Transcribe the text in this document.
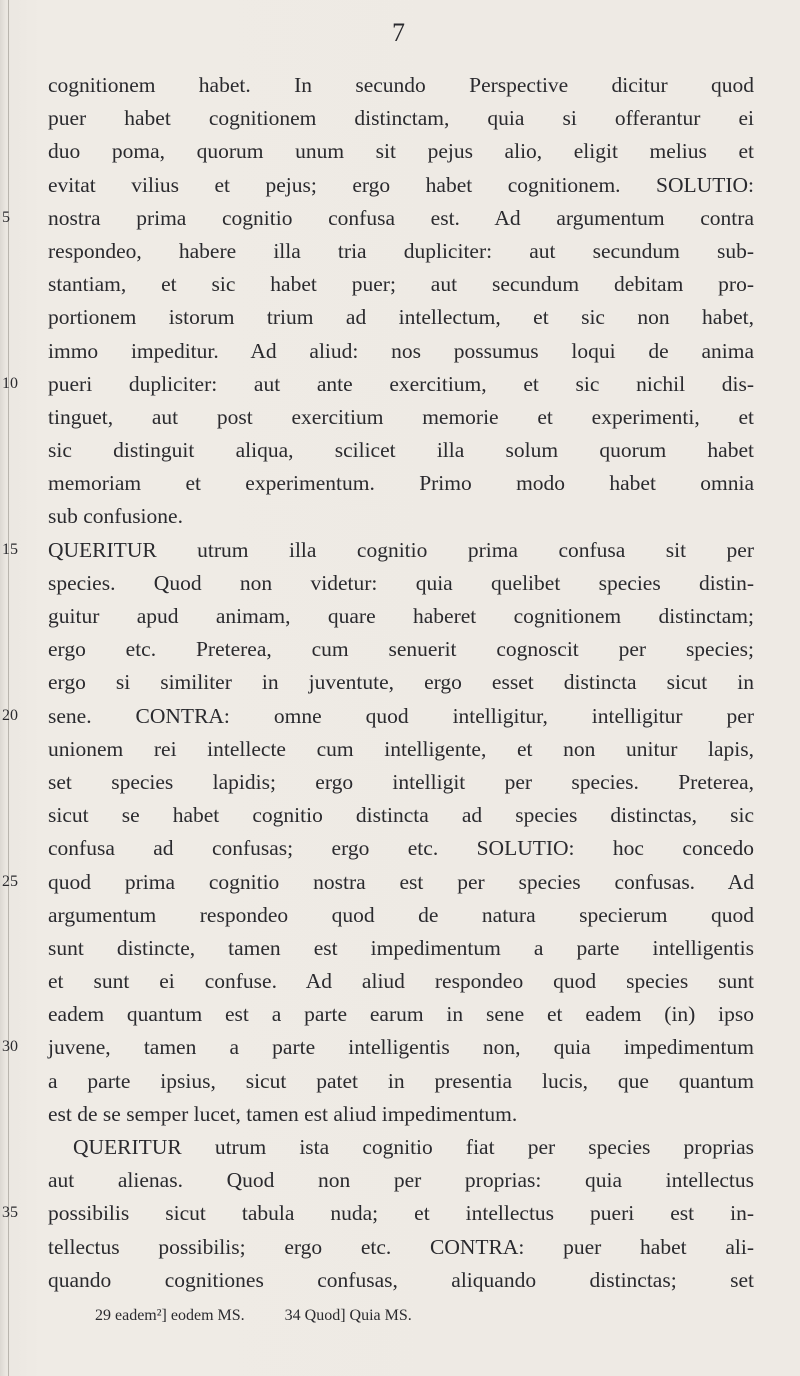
7
cognitionem habet. In secundo Perspective dicitur quod
puer habet cognitionem distinctam, quia si offerantur ei
duo poma, quorum unum sit pejus alio, eligit melius et
evitat vilius et pejus; ergo habet cognitionem. SOLUTIO:
5	nostra prima cognitio confusa est. Ad argumentum contra
respondeo, habere illa tria dupliciter: aut secundum sub-
stantiam, et sic habet puer; aut secundum debitam pro-
portionem istorum trium ad intellectum, et sic non habet,
immo impeditur. Ad aliud: nos possumus loqui de anima
10	pueri dupliciter: aut ante exercitium, et sic nichil dis-
tinguet, aut post exercitium memorie et experimenti, et
sic distinguit aliqua, scilicet illa solum quorum habet
memoriam et experimentum. Primo modo habet omnia
sub confusione.
15	QUERITUR utrum illa cognitio prima confusa sit per
species. Quod non videtur: quia quelibet species distin-
guitur apud animam, quare haberet cognitionem distinctam;
ergo etc. Preterea, cum senuerit cognoscit per species;
ergo si similiter in juventute, ergo esset distincta sicut in
20	sene. CONTRA: omne quod intelligitur, intelligitur per
unionem rei intellecte cum intelligente, et non unitur lapis,
set species lapidis; ergo intelligit per species. Preterea,
sicut se habet cognitio distincta ad species distinctas, sic
confusa ad confusas; ergo etc. SOLUTIO: hoc concedo
25	quod prima cognitio nostra est per species confusas. Ad
argumentum respondeo quod de natura specierum quod
sunt distincte, tamen est impedimentum a parte intelligentis
et sunt ei confuse. Ad aliud respondeo quod species sunt
eadem quantum est a parte earum in sene et eadem (in) ipso
30	juvene, tamen a parte intelligentis non, quia impedimentum
a parte ipsius, sicut patet in presentia lucis, que quantum
est de se semper lucet, tamen est aliud impedimentum.
QUERITUR utrum ista cognitio fiat per species proprias
aut alienas. Quod non per proprias: quia intellectus
35	possibilis sicut tabula nuda; et intellectus pueri est in-
tellectus possibilis; ergo etc. CONTRA: puer habet ali-
quando cognitiones confusas, aliquando distinctas; set
29 eadem²] eodem MS.	34 Quod] Quia MS.
